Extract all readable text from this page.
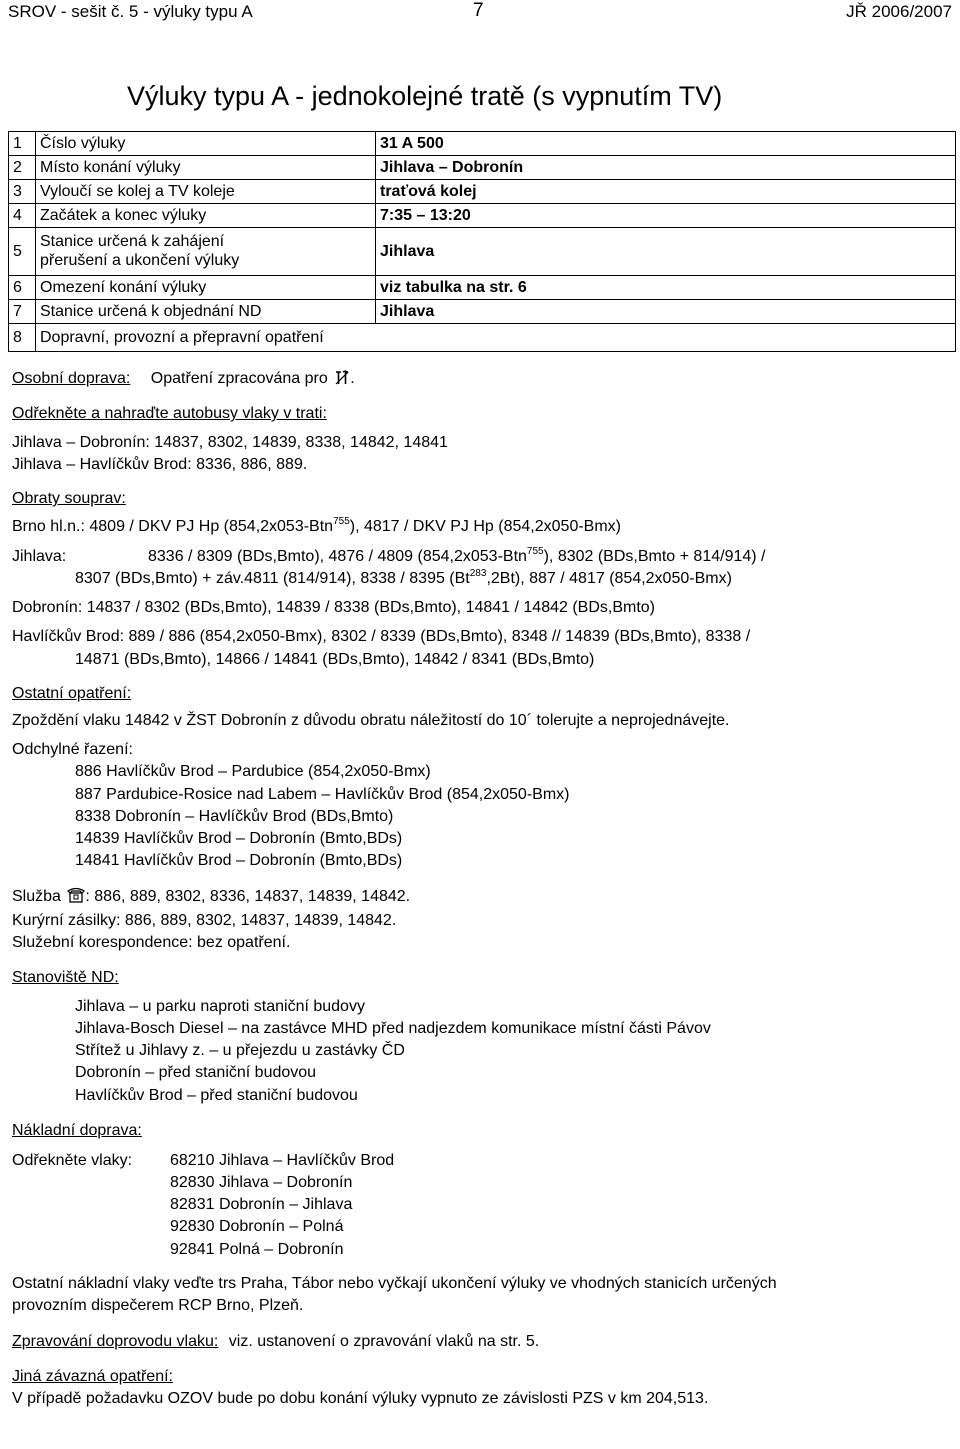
SROV - sešit č. 5 - výluky typu A	7	JŘ 2006/2007
Výluky typu A - jednokolejné tratě (s vypnutím TV)
1	Číslo výluky	31 A 500
2	Místo konání výluky	Jihlava – Dobronín
3	Vyloučí se kolej a TV koleje	traťová kolej
4	Začátek a konec výluky	7:35 – 13:20
5	Stanice určená k zahájení
přerušení a ukončení výluky	Jihlava
6	Omezení konání výluky	viz tabulka na str. 6
7	Stanice určená k objednání ND	Jihlava
8	Dopravní, provozní a přepravní opatření	
Osobní doprava: Opatření zpracována pro .
Odřekněte a nahraďte autobusy vlaky v trati:
Jihlava – Dobronín: 14837, 8302, 14839, 8338, 14842, 14841
Jihlava – Havlíčkův Brod: 8336, 886, 889.
Obraty souprav:
Brno hl.n.: 4809 / DKV PJ Hp (854,2x053-Btn$^{755}$), 4817 / DKV PJ Hp (854,2x050-Bmx)
Jihlava:	8336 / 8309 (BDs,Bmto), 4876 / 4809 (854,2x053-Btn$^{755}$), 8302 (BDs,Bmto + 814/914) /
8307 (BDs,Bmto) + záv.4811 (814/914), 8338 / 8395 (Bt$^{283}$,2Bt), 887 / 4817 (854,2x050-Bmx)
Dobronín: 14837 / 8302 (BDs,Bmto), 14839 / 8338 (BDs,Bmto), 14841 / 14842 (BDs,Bmto)
Havlíčkův Brod: 889 / 886 (854,2x050-Bmx), 8302 / 8339 (BDs,Bmto), 8348 // 14839 (BDs,Bmto), 8338 /
14871 (BDs,Bmto), 14866 / 14841 (BDs,Bmto), 14842 / 8341 (BDs,Bmto)
Ostatní opatření:
Zpoždění vlaku 14842 v ŽST Dobronín z důvodu obratu náležitostí do 10´ tolerujte a neprojednávejte.
Odchylné řazení:
886 Havlíčkův Brod – Pardubice (854,2x050-Bmx)
887 Pardubice-Rosice nad Labem – Havlíčkův Brod (854,2x050-Bmx)
8338 Dobronín – Havlíčkův Brod (BDs,Bmto)
14839 Havlíčkův Brod – Dobronín (Bmto,BDs)
14841 Havlíčkův Brod – Dobronín (Bmto,BDs)
Služba : 886, 889, 8302, 8336, 14837, 14839, 14842.
Kurýrní zásilky: 886, 889, 8302, 14837, 14839, 14842.
Služební korespondence: bez opatření.
Stanoviště ND:
Jihlava – u parku naproti staniční budovy
Jihlava-Bosch Diesel – na zastávce MHD před nadjezdem komunikace místní části Pávov
Střítež u Jihlavy z. – u přejezdu u zastávky ČD
Dobronín – před staniční budovou
Havlíčkův Brod – před staniční budovou
Nákladní doprava:
Odřekněte vlaky: 68210 Jihlava – Havlíčkův Brod
82830 Jihlava – Dobronín
82831 Dobronín – Jihlava
92830 Dobronín – Polná
92841 Polná – Dobronín
Ostatní nákladní vlaky veďte trs Praha, Tábor nebo vyčkají ukončení výluky ve vhodných stanicích určených
provozním dispečerem RCP Brno, Plzeň.
Zpravování doprovodu vlaku: viz. ustanovení o zpravování vlaků na str. 5.
Jiná závazná opatření:
V případě požadavku OZOV bude po dobu konání výluky vypnuto ze závislosti PZS v km 204,513.
